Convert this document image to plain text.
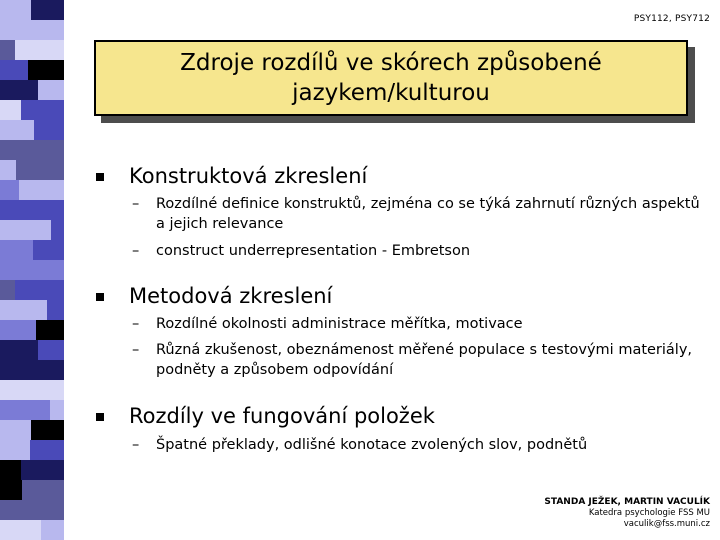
PSY112, PSY712
Zdroje rozdílů ve skórech způsobené
jazykem/kulturou
Konstruktová zkreslení
–	Rozdílné definice konstruktů, zejména co se týká zahrnutí různých aspektů a jejich relevance
–	construct underrepresentation - Embretson
Metodová zkreslení
–	Rozdílné okolnosti administrace měřítka, motivace
–	Různá zkušenost, obeznámenost měřené populace s testovými materiály, podněty a způsobem odpovídání
Rozdíly ve fungování položek
–	Špatné překlady, odlišné konotace zvolených slov, podnětů
STANDA JEŽEK, MARTIN VACULÍK
Katedra psychologie FSS MU
vaculik@fss.muni.cz
